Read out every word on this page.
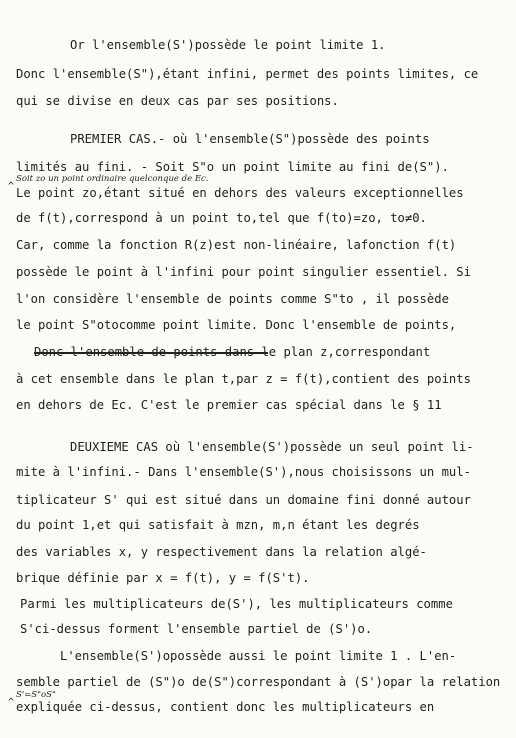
Or l'ensemble(S')possède le point limite 1.
Donc l'ensemble(S"),étant infini, permet des points limites, ce
qui se divise en deux cas par ses positions.
PREMIER CAS.- où l'ensemble(S")possède des points
limités au fini. - Soit S"o un point limite au fini de(S").
Soit zo un point ordinaire quelconque de Ec.
^ Le point zo,étant situé en dehors des valeurs exceptionnelles
de f(t),correspond à un point to,tel que f(to)=zo, to≠0.
Car, comme la fonction R(z)est non-linéaire, lafonction f(t)
possède le point à l'infini pour point singulier essentiel. Si
l'on considère l'ensemble de points comme S"to , il possède
le point S"otocomme point limite. Donc l'ensemble de points,
Donc l'ensemble de points dans le plan z,correspondant
à cet ensemble dans le plan t,par z = f(t),contient des points
en dehors de Ec. C'est le premier cas spécial dans le § 11
DEUXIEME CAS où l'ensemble(S')possède un seul point li-
mite à l'infini.- Dans l'ensemble(S'),nous choisissons un mul-
tiplicateur S' qui est situé dans un domaine fini donné autour
du point 1,et qui satisfait à mzn, m,n étant les degrés
des variables x, y respectivement dans la relation algé-
brique définie par x = f(t), y = f(S't).
Parmi les multiplicateurs de(S'), les multiplicateurs comme
S'ci-dessus forment l'ensemble partiel de (S')o.
L'ensemble(S')opossède aussi le point limite 1 . L'en-
semble partiel de (S")o de(S")correspondant à (S')opar la relation
S'=S"oS"
^ expliquée ci-dessus, contient donc les multiplicateurs en
